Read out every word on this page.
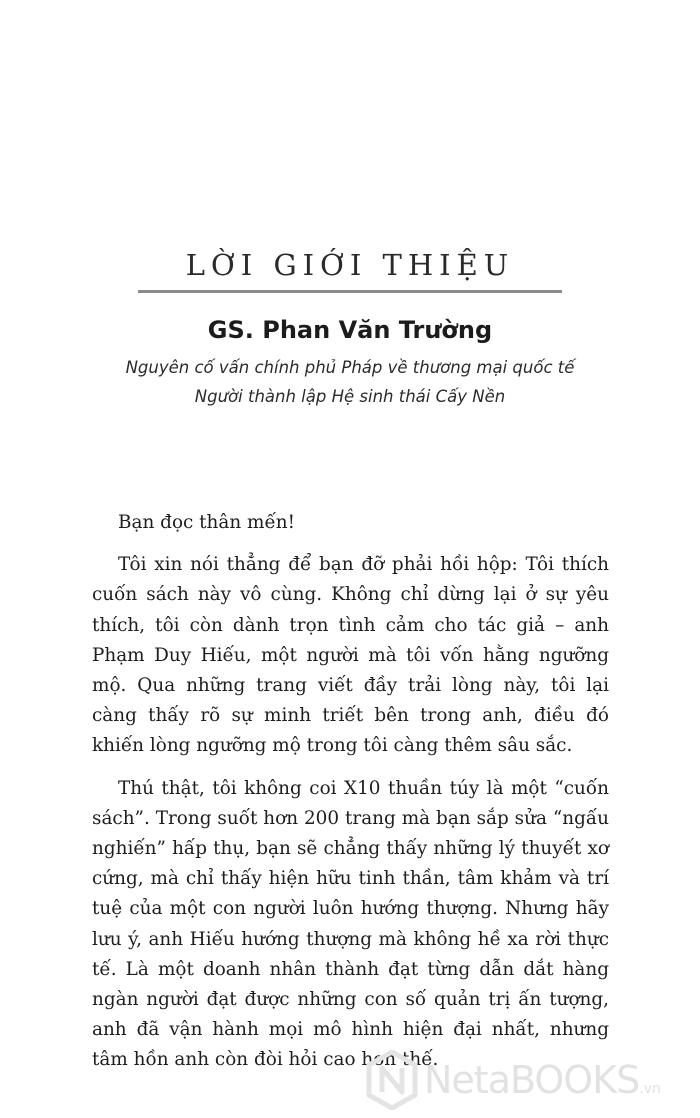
LỜI GIỚI THIỆU
GS. Phan Văn Trường
Nguyên cố vấn chính phủ Pháp về thương mại quốc tế
Người thành lập Hệ sinh thái Cấy Nền

Bạn đọc thân mến!

Tôi xin nói thẳng để bạn đỡ phải hồi hộp: Tôi thích cuốn sách này vô cùng. Không chỉ dừng lại ở sự yêu thích, tôi còn dành trọn tình cảm cho tác giả – anh Phạm Duy Hiếu, một người mà tôi vốn hằng ngưỡng mộ. Qua những trang viết đầy trải lòng này, tôi lại càng thấy rõ sự minh triết bên trong anh, điều đó khiến lòng ngưỡng mộ trong tôi càng thêm sâu sắc.

Thú thật, tôi không coi X10 thuần túy là một “cuốn sách”. Trong suốt hơn 200 trang mà bạn sắp sửa “ngấu nghiến” hấp thụ, bạn sẽ chẳng thấy những lý thuyết xơ cứng, mà chỉ thấy hiện hữu tinh thần, tâm khảm và trí tuệ của một con người luôn hướng thượng. Nhưng hãy lưu ý, anh Hiếu hướng thượng mà không hề xa rời thực tế. Là một doanh nhân thành đạt từng dẫn dắt hàng ngàn người đạt được những con số quản trị ấn tượng, anh đã vận hành mọi mô hình hiện đại nhất, nhưng tâm hồn anh còn đòi hỏi cao hơn thế.

NetaBOOKS.vn
